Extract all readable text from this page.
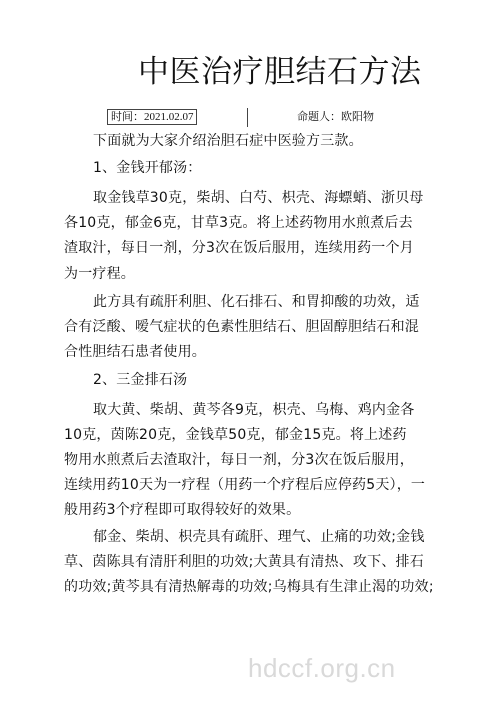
中医治疗胆结石方法
时间：2021.02.07	命题人：欧阳物
下面就为大家介绍治胆石症中医验方三款。
1、金钱开郁汤：
取金钱草30克，柴胡、白芍、枳壳、海螵蛸、浙贝母
各10克，郁金6克，甘草3克。将上述药物用水煎煮后去
渣取汁，每日一剂，分3次在饭后服用，连续用药一个月
为一疗程。
此方具有疏肝利胆、化石排石、和胃抑酸的功效，适
合有泛酸、嗳气症状的色素性胆结石、胆固醇胆结石和混
合性胆结石患者使用。
2、三金排石汤
取大黄、柴胡、黄芩各9克，枳壳、乌梅、鸡内金各
10克，茵陈20克，金钱草50克，郁金15克。将上述药
物用水煎煮后去渣取汁，每日一剂，分3次在饭后服用，
连续用药10天为一疗程（用药一个疗程后应停药5天），一
般用药3个疗程即可取得较好的效果。
郁金、柴胡、枳壳具有疏肝、理气、止痛的功效;金钱
草、茵陈具有清肝利胆的功效;大黄具有清热、攻下、排石
的功效;黄芩具有清热解毒的功效;乌梅具有生津止渴的功效;
hdccf.org.cn
